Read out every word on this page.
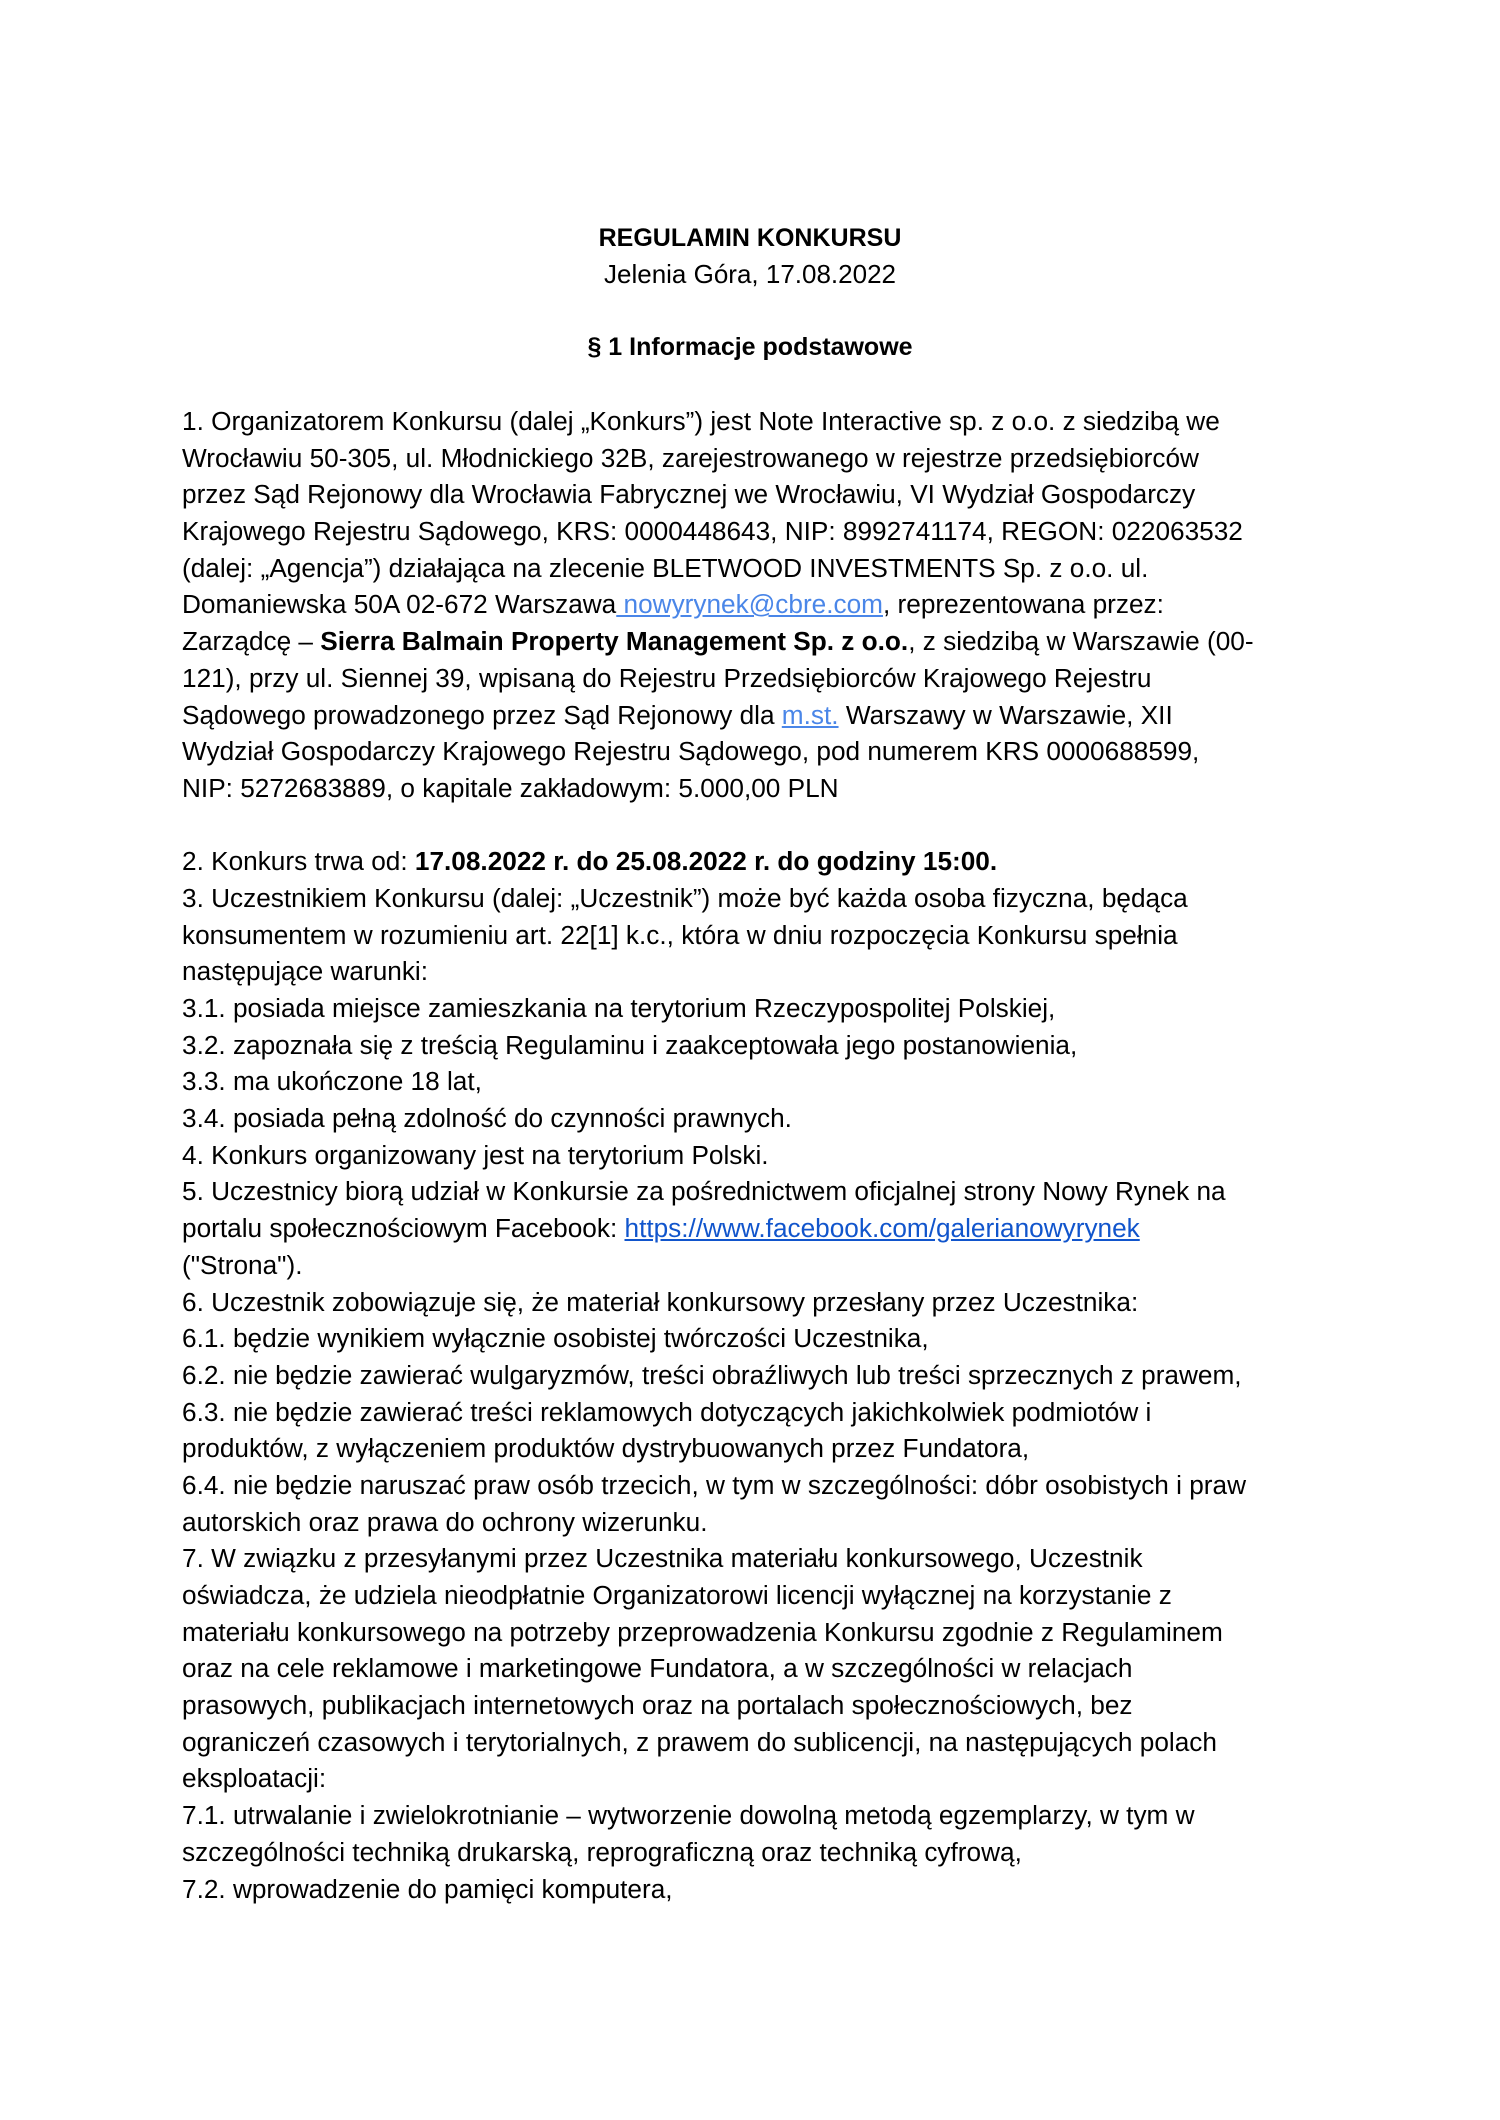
REGULAMIN KONKURSU
Jelenia Góra, 17.08.2022
§ 1 Informacje podstawowe
1. Organizatorem Konkursu (dalej „Konkurs”) jest Note Interactive sp. z o.o. z siedzibą we
Wrocławiu 50-305, ul. Młodnickiego 32B, zarejestrowanego w rejestrze przedsiębiorców
przez Sąd Rejonowy dla Wrocławia Fabrycznej we Wrocławiu, VI Wydział Gospodarczy
Krajowego Rejestru Sądowego, KRS: 0000448643, NIP: 8992741174, REGON: 022063532
(dalej: „Agencja”) działająca na zlecenie BLETWOOD INVESTMENTS Sp. z o.o. ul.
Domaniewska 50A 02-672 Warszawa nowyrynek@cbre.com, reprezentowana przez:
Zarządcę – Sierra Balmain Property Management Sp. z o.o., z siedzibą w Warszawie (00-
121), przy ul. Siennej 39, wpisaną do Rejestru Przedsiębiorców Krajowego Rejestru
Sądowego prowadzonego przez Sąd Rejonowy dla m.st. Warszawy w Warszawie, XII
Wydział Gospodarczy Krajowego Rejestru Sądowego, pod numerem KRS 0000688599,
NIP: 5272683889, o kapitale zakładowym: 5.000,00 PLN
2. Konkurs trwa od: 17.08.2022 r. do 25.08.2022 r. do godziny 15:00.
3. Uczestnikiem Konkursu (dalej: „Uczestnik”) może być każda osoba fizyczna, będąca
konsumentem w rozumieniu art. 22[1] k.c., która w dniu rozpoczęcia Konkursu spełnia
następujące warunki:
3.1. posiada miejsce zamieszkania na terytorium Rzeczypospolitej Polskiej,
3.2. zapoznała się z treścią Regulaminu i zaakceptowała jego postanowienia,
3.3. ma ukończone 18 lat,
3.4. posiada pełną zdolność do czynności prawnych.
4. Konkurs organizowany jest na terytorium Polski.
5. Uczestnicy biorą udział w Konkursie za pośrednictwem oficjalnej strony Nowy Rynek na
portalu społecznościowym Facebook: https://www.facebook.com/galerianowyrynek
("Strona").
6. Uczestnik zobowiązuje się, że materiał konkursowy przesłany przez Uczestnika:
6.1. będzie wynikiem wyłącznie osobistej twórczości Uczestnika,
6.2. nie będzie zawierać wulgaryzmów, treści obraźliwych lub treści sprzecznych z prawem,
6.3. nie będzie zawierać treści reklamowych dotyczących jakichkolwiek podmiotów i
produktów, z wyłączeniem produktów dystrybuowanych przez Fundatora,
6.4. nie będzie naruszać praw osób trzecich, w tym w szczególności: dóbr osobistych i praw
autorskich oraz prawa do ochrony wizerunku.
7. W związku z przesyłanymi przez Uczestnika materiału konkursowego, Uczestnik
oświadcza, że udziela nieodpłatnie Organizatorowi licencji wyłącznej na korzystanie z
materiału konkursowego na potrzeby przeprowadzenia Konkursu zgodnie z Regulaminem
oraz na cele reklamowe i marketingowe Fundatora, a w szczególności w relacjach
prasowych, publikacjach internetowych oraz na portalach społecznościowych, bez
ograniczeń czasowych i terytorialnych, z prawem do sublicencji, na następujących polach
eksploatacji:
7.1. utrwalanie i zwielokrotnianie – wytworzenie dowolną metodą egzemplarzy, w tym w
szczególności techniką drukarską, reprograficzną oraz techniką cyfrową,
7.2. wprowadzenie do pamięci komputera,
